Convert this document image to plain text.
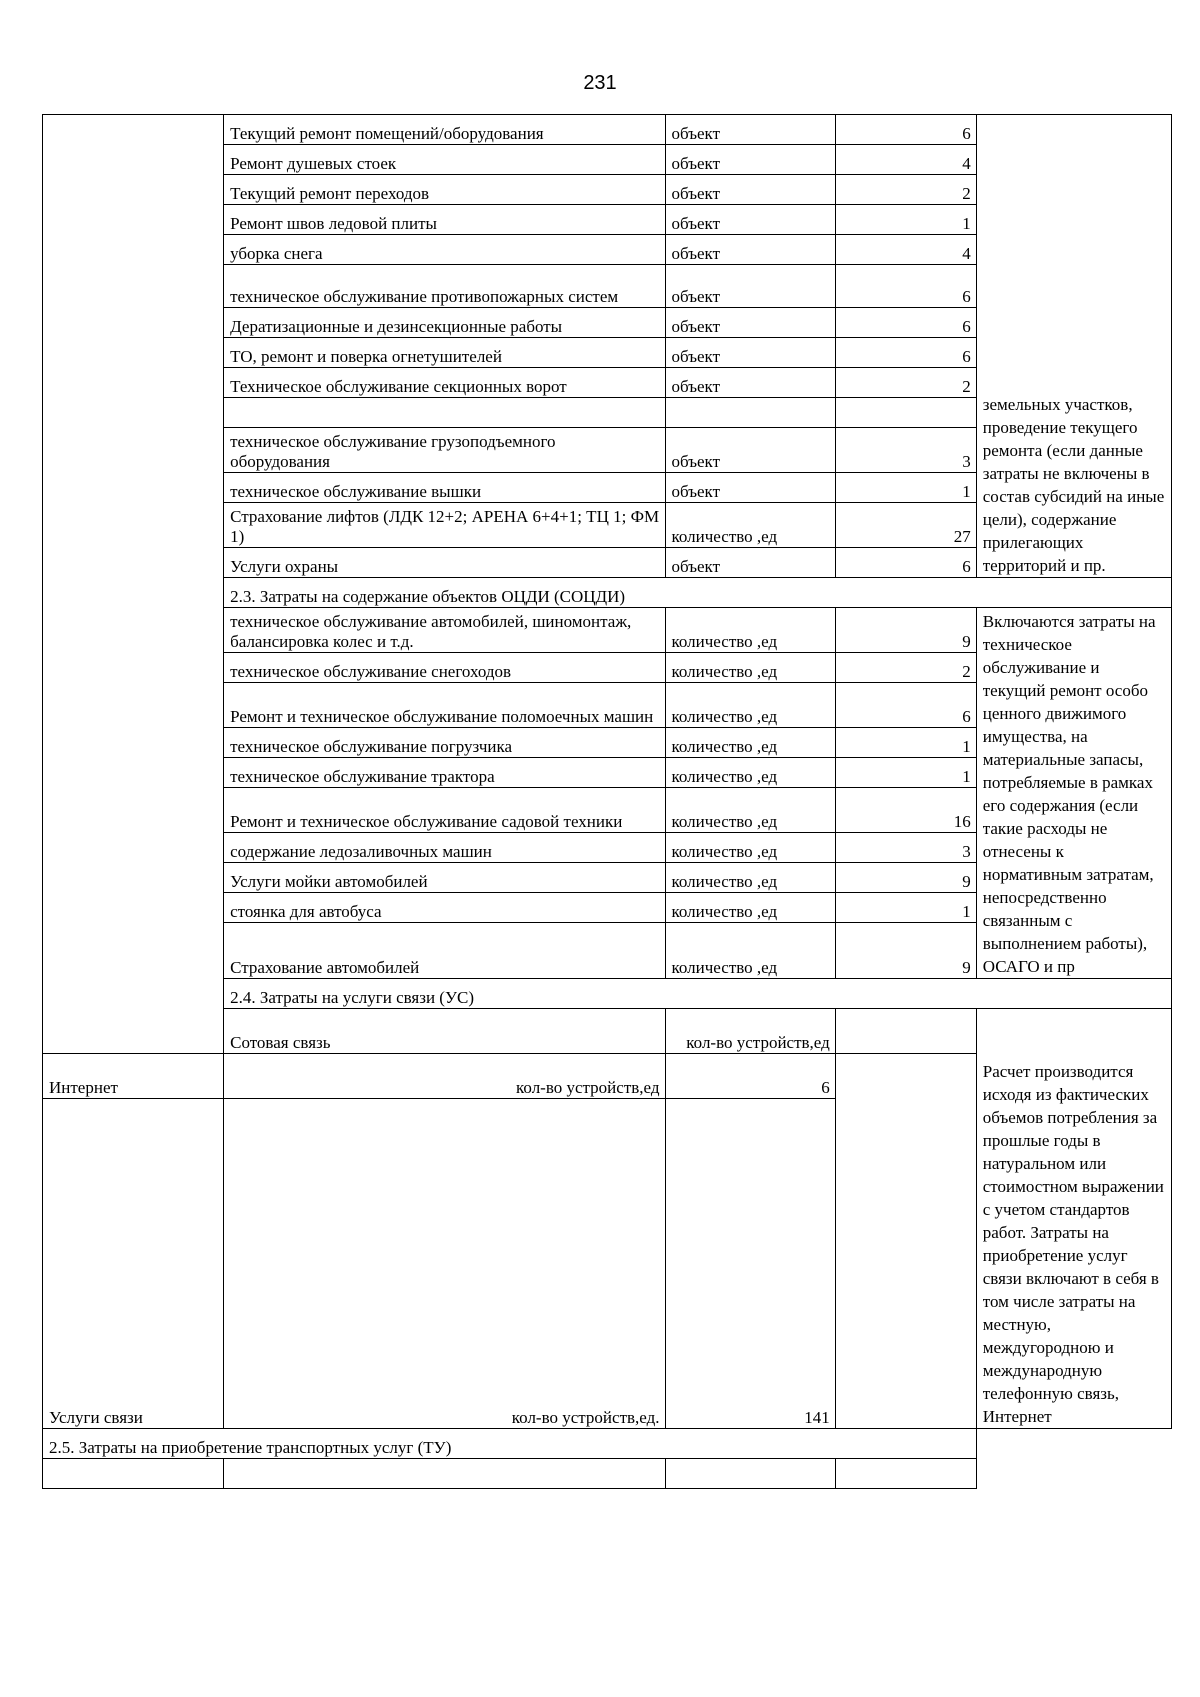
231
	Текущий ремонт помещений/оборудования	объект	6	земельных участков, проведение текущего ремонта (если данные затраты не включены в состав субсидий на иные цели), содержание прилегающих территорий и пр.
	Ремонт душевых стоек	объект	4	
	Текущий ремонт переходов	объект	2	
	Ремонт швов ледовой плиты	объект	1	
	уборка снега	объект	4	
	техническое обслуживание противопожарных систем	объект	6	
	Дератизационные и дезинсекционные работы	объект	6	
	ТО, ремонт и поверка огнетушителей	объект	6	
	Техническое обслуживание секционных ворот	объект	2	

	техническое обслуживание грузоподъемного оборудования	объект	3	
	техническое обслуживание вышки	объект	1	
	Страхование лифтов (ЛДК 12+2; АРЕНА 6+4+1; ТЦ 1; ФМ 1)	количество ,ед	27	
	Услуги охраны	объект	6	
	2.3. Затраты на содержание объектов ОЦДИ (СОЦДИ)			
	техническое обслуживание автомобилей, шиномонтаж, балансировка колес и т.д.	количество ,ед	9	Включаются затраты на техническое обслуживание и текущий ремонт особо ценного движимого имущества, на материальные запасы, потребляемые в рамках его содержания (если такие расходы не отнесены к нормативным затратам, непосредственно связанным с выполнением работы), ОСАГО и пр
	техническое обслуживание снегоходов	количество ,ед	2	
	Ремонт и техническое обслуживание поломоечных машин	количество ,ед	6	
	техническое обслуживание погрузчика	количество ,ед	1	
	техническое обслуживание трактора	количество ,ед	1	
	Ремонт и техническое обслуживание садовой техники	количество ,ед	16	
	содержание ледозаливочных машин	количество ,ед	3	
	Услуги мойки автомобилей	количество ,ед	9	
	стоянка для автобуса	количество ,ед	1	
	Страхование автомобилей	количество ,ед	9	
	2.4. Затраты на услуги связи (УС)			
	Сотовая связь	кол-во устройств,ед		Расчет производится исходя из фактических объемов потребления за прошлые годы в натуральном или стоимостном выражении с учетом стандартов работ. Затраты на приобретение услуг связи включают в себя в том числе затраты на местную, междугородною и международную телефонную связь, Интернет
Интернет	кол-во устройств,ед	6		
Услуги связи	кол-во устройств,ед.	141		
2.5. Затраты на приобретение транспортных услуг (ТУ)				
